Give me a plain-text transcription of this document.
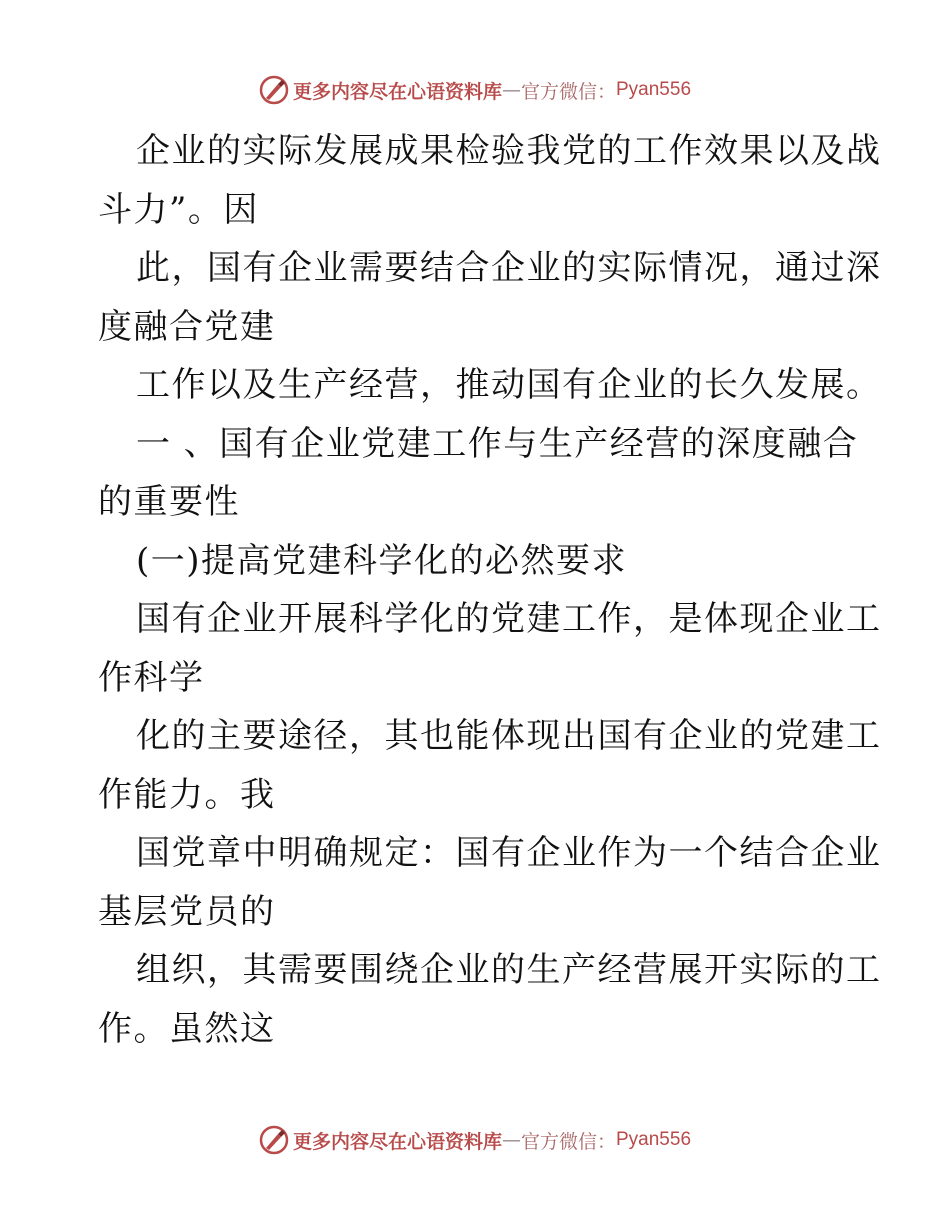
更多内容尽在心语资料库 — 官方微信： Pyan556
企业的实际发展成果检验我党的工作效果以及战
斗力”。因
此，国有企业需要结合企业的实际情况，通过深
度融合党建
工作以及生产经营，推动国有企业的长久发展。
一 、国有企业党建工作与生产经营的深度融合
的重要性
(一)提高党建科学化的必然要求
国有企业开展科学化的党建工作，是体现企业工
作科学
化的主要途径，其也能体现出国有企业的党建工
作能力。我
国党章中明确规定：国有企业作为一个结合企业
基层党员的
组织，其需要围绕企业的生产经营展开实际的工
作。虽然这
更多内容尽在心语资料库 — 官方微信： Pyan556
